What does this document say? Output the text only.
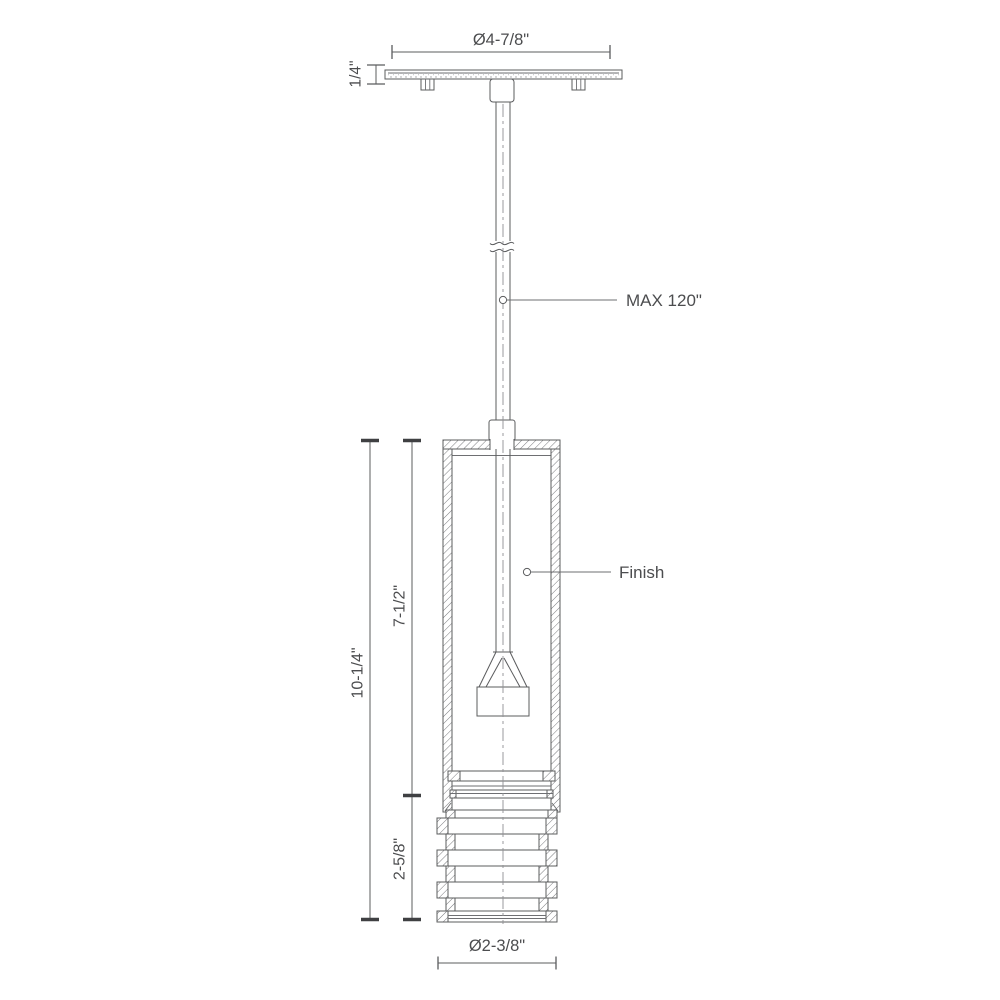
Ø4-7/8"
1/4"
MAX 120"
Finish
10-1/4"
7-1/2"
2-5/8"
Ø2-3/8"
